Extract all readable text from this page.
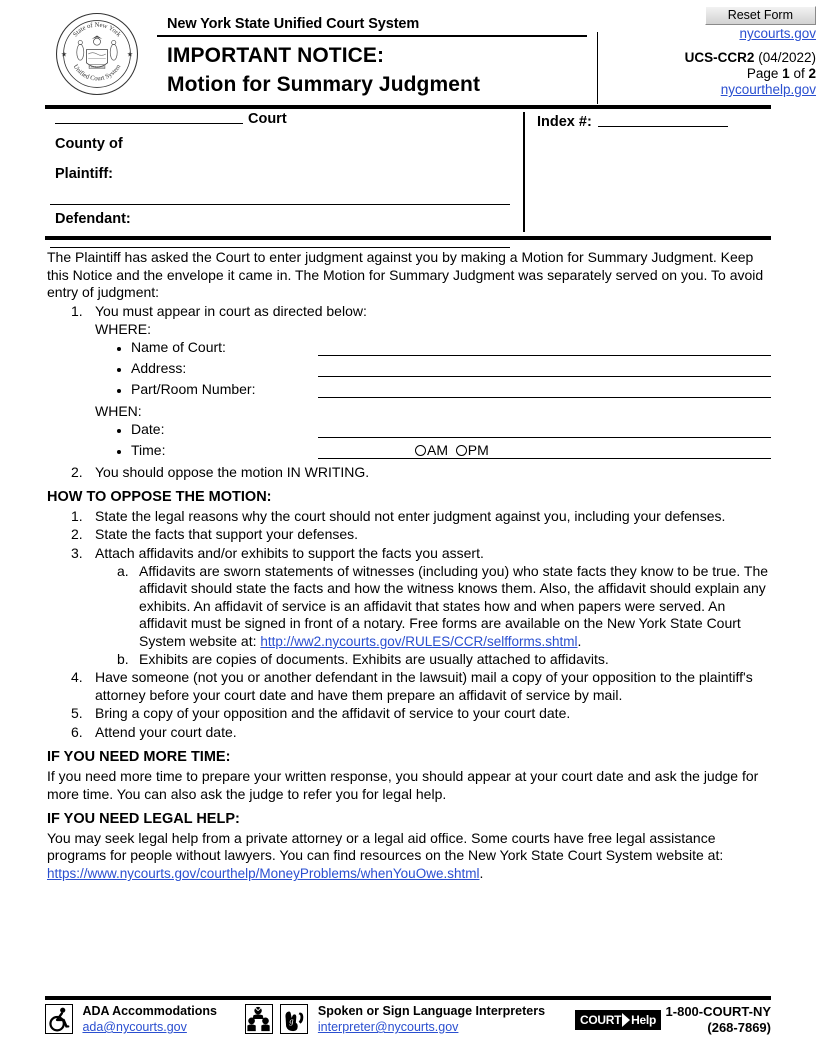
State of New York
Unified Court System
★	★
EXCELSIOR
New York State Unified Court System
IMPORTANT NOTICE:
Motion for Summary Judgment
Reset Form
nycourts.gov
UCS-CCR2 (04/2022)
Page 1 of 2
nycourthelp.gov
Court
County of
Plaintiff:
Defendant:
Index #:
The Plaintiff has asked the Court to enter judgment against you by making a Motion for Summary Judgment. Keep this Notice and the envelope it came in. The Motion for Summary Judgment was separately served on you. To avoid entry of judgment:
1. You must appear in court as directed below:
WHERE:
Name of Court:
Address:
Part/Room Number:
WHEN:
Date:
Time:	AM PM
2. You should oppose the motion IN WRITING.
HOW TO OPPOSE THE MOTION:
1. State the legal reasons why the court should not enter judgment against you, including your defenses.
2. State the facts that support your defenses.
3. Attach affidavits and/or exhibits to support the facts you assert.
a. Affidavits are sworn statements of witnesses (including you) who state facts they know to be true. The affidavit should state the facts and how the witness knows them. Also, the affidavit should explain any exhibits. An affidavit of service is an affidavit that states how and when papers were served. An affidavit must be signed in front of a notary. Free forms are available on the New York State Court System website at: http://ww2.nycourts.gov/RULES/CCR/selfforms.shtml.
b. Exhibits are copies of documents. Exhibits are usually attached to affidavits.
4. Have someone (not you or another defendant in the lawsuit) mail a copy of your opposition to the plaintiff's attorney before your court date and have them prepare an affidavit of service by mail.
5. Bring a copy of your opposition and the affidavit of service to your court date.
6. Attend your court date.
IF YOU NEED MORE TIME:
If you need more time to prepare your written response, you should appear at your court date and ask the judge for more time. You can also ask the judge to refer you for legal help.
IF YOU NEED LEGAL HELP:
You may seek legal help from a private attorney or a legal aid office. Some courts have free legal assistance programs for people without lawyers. You can find resources on the New York State Court System website at: https://www.nycourts.gov/courthelp/MoneyProblems/whenYouOwe.shtml.

ADA Accommodations
ada@nycourts.gov
	g

Spoken or Sign Language Interpreters
interpreter@nycourts.gov	COURT Help
1-800-COURT-NY
(268-7869)
